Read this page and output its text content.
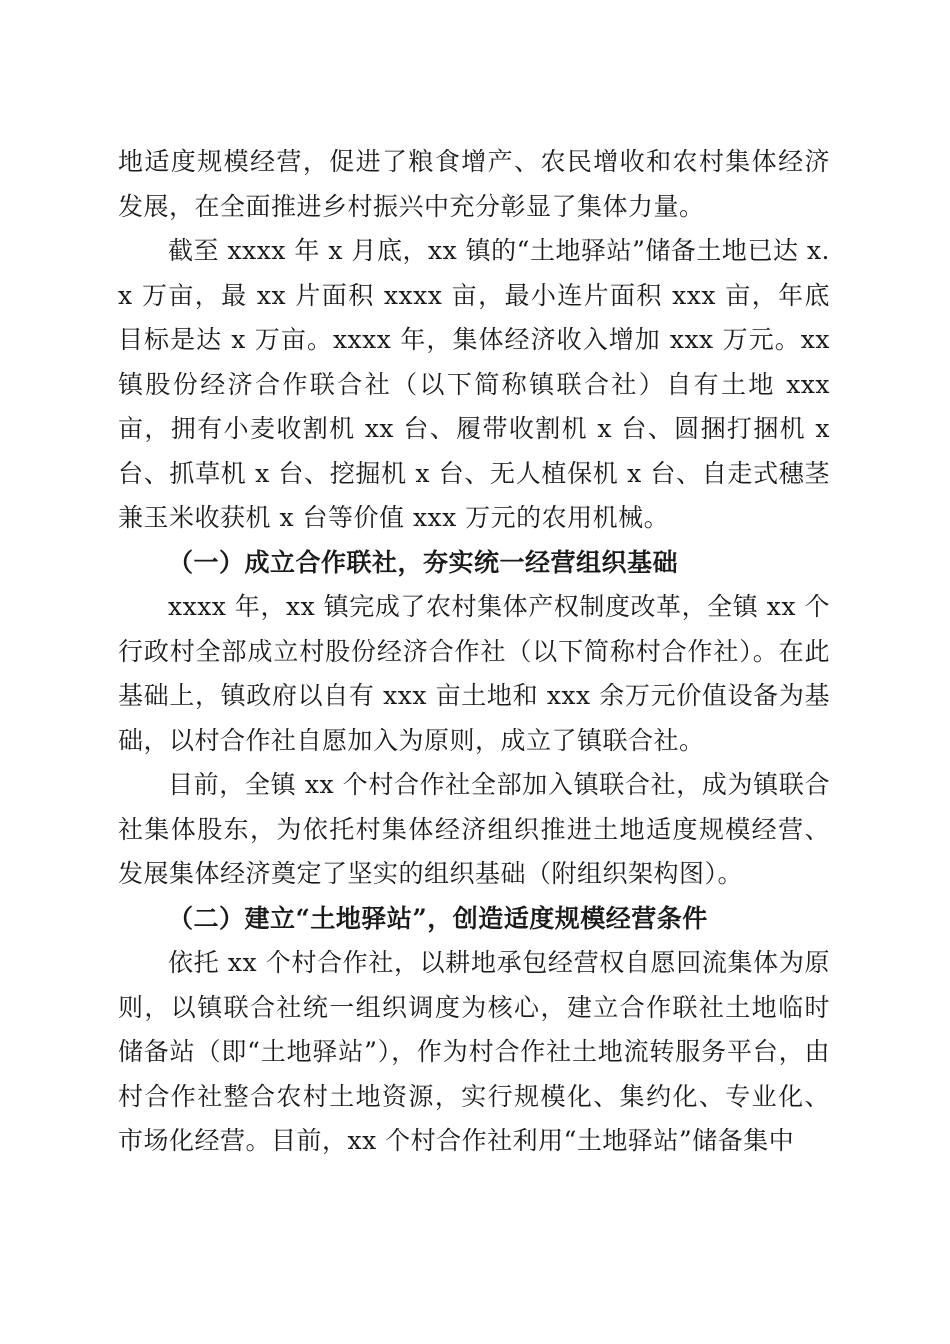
地适度规模经营，促进了粮食增产、农民增收和农村集体经济发展，在全面推进乡村振兴中充分彰显了集体力量。

截至 xxxx 年 x 月底，xx 镇的“土地驿站”储备土地已达 x. x 万亩，最 xx 片面积 xxxx 亩，最小连片面积 xxx 亩，年底目标是达 x 万亩。xxxx 年，集体经济收入增加 xxx 万元。xx 镇股份经济合作联合社（以下简称镇联合社）自有土地 xxx 亩，拥有小麦收割机 xx 台、履带收割机 x 台、圆捆打捆机 x 台、抓草机 x 台、挖掘机 x 台、无人植保机 x 台、自走式穗茎兼玉米收获机 x 台等价值 xxx 万元的农用机械。

（一）成立合作联社，夯实统一经营组织基础

xxxx 年，xx 镇完成了农村集体产权制度改革，全镇 xx 个行政村全部成立村股份经济合作社（以下简称村合作社）。在此基础上，镇政府以自有 xxx 亩土地和 xxx 余万元价值设备为基础，以村合作社自愿加入为原则，成立了镇联合社。

目前，全镇 xx 个村合作社全部加入镇联合社，成为镇联合社集体股东，为依托村集体经济组织推进土地适度规模经营、发展集体经济奠定了坚实的组织基础（附组织架构图）。

（二）建立“土地驿站”，创造适度规模经营条件

依托 xx 个村合作社，以耕地承包经营权自愿回流集体为原则，以镇联合社统一组织调度为核心，建立合作联社土地临时储备站（即“土地驿站”），作为村合作社土地流转服务平台，由村合作社整合农村土地资源，实行规模化、集约化、专业化、市场化经营。目前，xx 个村合作社利用“土地驿站”储备集中
